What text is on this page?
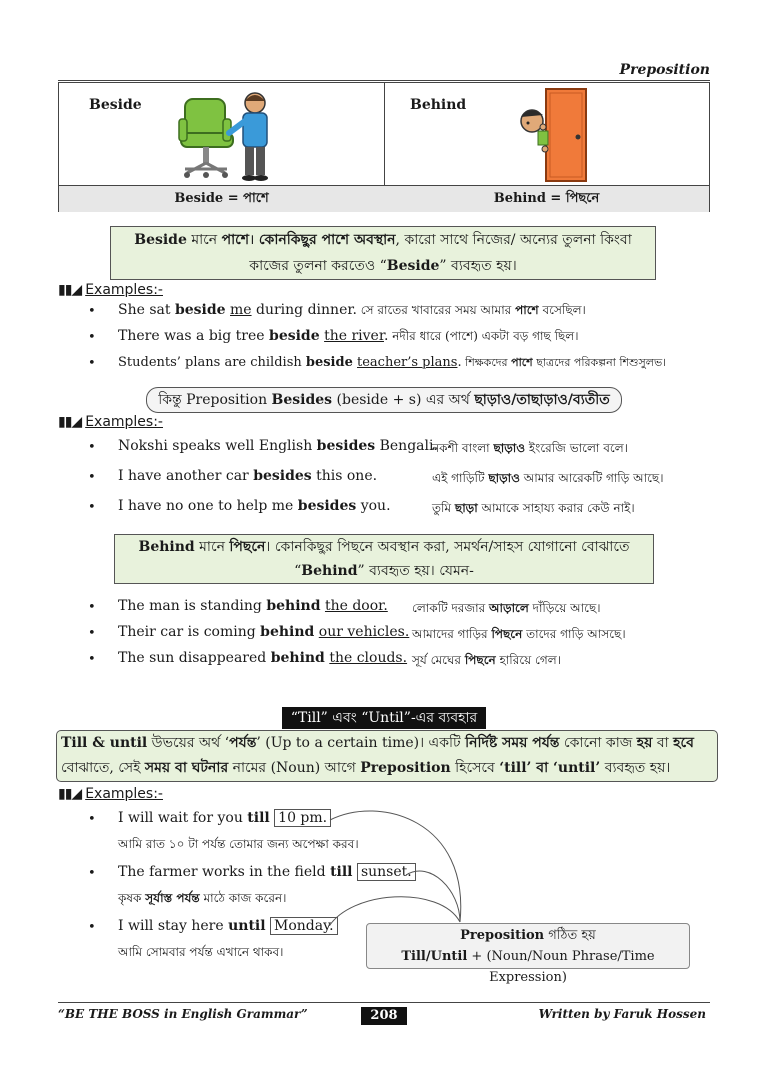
Preposition
Beside	Behind
Beside = পাশে	Behind = পিছনে
Beside মানে পাশে। কোনকিছুর পাশে অবস্থান, কারো সাথে নিজের/ অন্যের তুলনা কিংবা
কাজের তুলনা করতেও “Beside” ব্যবহৃত হয়।
▮▮◢ Examples:-
• She sat beside me during dinner. সে রাতের খাবারের সময় আমার পাশে বসেছিল।
• There was a big tree beside the river. নদীর ধারে (পাশে) একটা বড় গাছ ছিল।
• Students’ plans are childish beside teacher’s plans. শিক্ষকদের পাশে ছাত্রদের পরিকল্পনা শিশুসুলভ।
কিন্তু Preposition Besides (beside + s) এর অর্থ ছাড়াও/তাছাড়াও/ব্যতীত
▮▮◢ Examples:-
• Nokshi speaks well English besides Bengali.
নকশী বাংলা ছাড়াও ইংরেজি ভালো বলে।
• I have another car besides this one.	এই গাড়িটি ছাড়াও আমার আরেকটি গাড়ি আছে।
• I have no one to help me besides you.	তুমি ছাড়া আমাকে সাহায্য করার কেউ নাই।
Behind মানে পিছনে। কোনকিছুর পিছনে অবস্থান করা, সমর্থন/সাহস যোগানো বোঝাতে
“Behind” ব্যবহৃত হয়। যেমন-
• The man is standing behind the door. লোকটি দরজার আড়ালে দাঁড়িয়ে আছে।
• Their car is coming behind our vehicles. আমাদের গাড়ির পিছনে তাদের গাড়ি আসছে।
• The sun disappeared behind the clouds. সূর্য মেঘের পিছনে হারিয়ে গেল।
“Till” এবং “Until”-এর ব্যবহার
Till & until উভয়ের অর্থ ‘পর্যন্ত’ (Up to a certain time)। একটি নির্দিষ্ট সময় পর্যন্ত কোনো কাজ হয় বা হবে
বোঝাতে, সেই সময় বা ঘটনার নামের (Noun) আগে Preposition হিসেবে ‘till’ বা ‘until’ ব্যবহৃত হয়।
▮▮◢ Examples:-
• I will wait for you till 10 pm.
আমি রাত ১০ টা পর্যন্ত তোমার জন্য অপেক্ষা করব।
• The farmer works in the field till sunset.
কৃষক সূর্যাস্ত পর্যন্ত মাঠে কাজ করেন।
• I will stay here until Monday.
আমি সোমবার পর্যন্ত এখানে থাকব।
Preposition গঠিত হয়
Till/Until + (Noun/Noun Phrase/Time Expression)
“BE THE BOSS in English Grammar”	208	Written by Faruk Hossen
